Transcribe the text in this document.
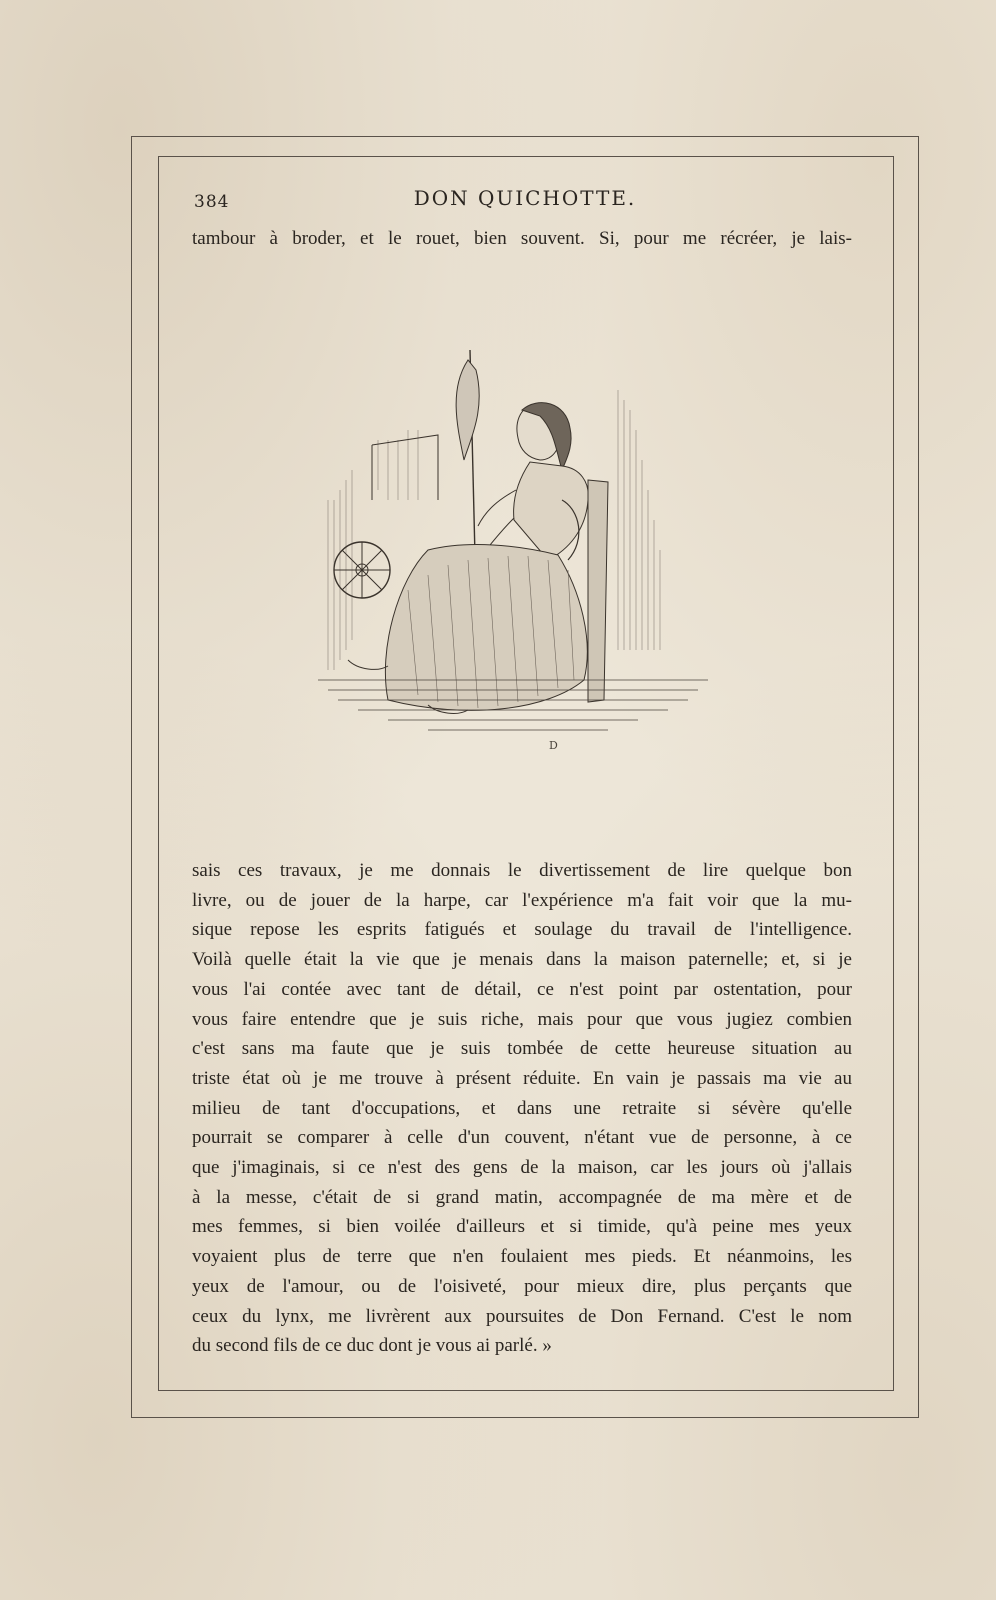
384	DON QUICHOTTE.
tambour à broder, et le rouet, bien souvent. Si, pour me récréer, je lais-
D
sais ces travaux, je me donnais le divertissement de lire quelque bon
livre, ou de jouer de la harpe, car l'expérience m'a fait voir que la mu-
sique repose les esprits fatigués et soulage du travail de l'intelligence.
Voilà quelle était la vie que je menais dans la maison paternelle; et, si je
vous l'ai contée avec tant de détail, ce n'est point par ostentation, pour
vous faire entendre que je suis riche, mais pour que vous jugiez combien
c'est sans ma faute que je suis tombée de cette heureuse situation au
triste état où je me trouve à présent réduite. En vain je passais ma vie au
milieu de tant d'occupations, et dans une retraite si sévère qu'elle
pourrait se comparer à celle d'un couvent, n'étant vue de personne, à ce
que j'imaginais, si ce n'est des gens de la maison, car les jours où j'allais
à la messe, c'était de si grand matin, accompagnée de ma mère et de
mes femmes, si bien voilée d'ailleurs et si timide, qu'à peine mes yeux
voyaient plus de terre que n'en foulaient mes pieds. Et néanmoins, les
yeux de l'amour, ou de l'oisiveté, pour mieux dire, plus perçants que
ceux du lynx, me livrèrent aux poursuites de Don Fernand. C'est le nom
du second fils de ce duc dont je vous ai parlé. »
